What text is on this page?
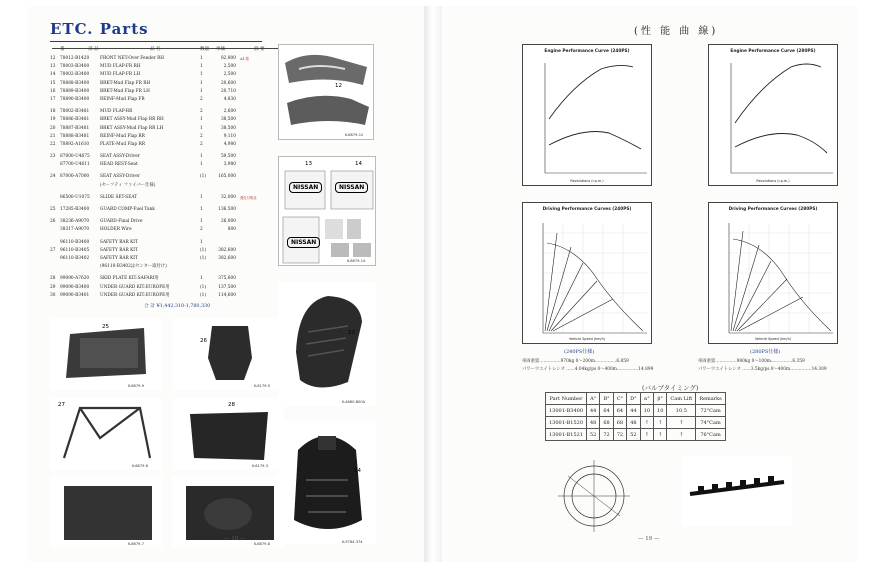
ETC. Parts
番	部 品	品 名	数量 単価	摘 要
12 78012-B1420	FRONT NET-Over Fender RH	1	82,800 A4 製
13 78003-B3400	MUD FLAP-FR RH	1	2,500
14 78002-B3400	MUD FLAP-FR LH	1	2,500
15 78888-B3400	BRKT-Mud Flap FR RH	1	20,600
16 78889-B3400	BRKT-Mud Flap FR LH	1	20,710
17 78890-B3400	REINF-Mud Flap FR	2	4,830
18 78002-B3481	MUD FLAP-RR	2	2,600
19 78886-B3481	BRKT ASSY-Mud Flap RR RH	1	38,500
20 78887-B3481	BRKT ASSY-Mud Flap RR LH	1	38,500
21 78888-B3481	REINF-Mud Flap RR	2	9,110
22 78892-A1610	PLATE-Mud Flap RR	2	4,980
23 87000-U4675 SEAT ASSY-Driver	1	59,500
87700-U4611 HEAD REST-Seat	1	3,980
24 87000-A7000	SEAT ASSY-Driver	(1)	165,000
(セーフティ ファイバー仕様)
86500-U1075 SLIDE SET-SEAT	1	32,000 強化対策品
25 17285-B3400	GUARD COMP-Fuel Tank	1	136,500
26 38236-A9070	GUARD-Final Drive	1	26,000
38317-A9070	HOLDER Wire	2	800
96110-B3400	SAFETY BAR KIT	1
27 96110-B3405	SAFETY BAR KIT	(1)	382,600
96110-B3402	SAFETY BAR KIT	(1)	382,600
(96110-B3402はセンター取付け)
28 99090-A7620	SKID PLATE KIT:SAFARI用	1	375,600
29 99090-B3400	UNDER GUARD KIT:EUROPE用	(1)	137,500
30 99090-B3401	UNDER GUARD KIT:EUROPE用	(1)	114,600
合 計 ¥1,442,310-1,780,330
12
K-6879-12
13	14
NISSAN	NISSAN
NISSAN
K-6879-14
23
K-4660-B00A
24
K-9784-374
25
K-6879-9
26
K-6179-5
27
K-6879-6
28
K-6179-3
29
K-6879-7
30
K-6879-8
— 18 —
(性 能 曲 線)
Engine Performance Curve (240PS)
Revolutions (r.p.m.)
Engine Performance Curve (280PS)
Revolutions (r.p.m.)
Driving Performance Curves (240PS)
Vehicle Speed (km/h)
Driving Performance Curves (280PS)
Vehicle Speed (km/h)
(240PS仕様)	(280PS仕様)
車両重量……………970kg 0〜200m……………6.859
パワーウエイトレシオ ……4.04kg/ps 0〜400m……………14.899
車両重量……………980kg 0〜100m……………6.359
パワーウエイトレシオ ……3.5kg/ps 0〜400m……………14.309
(バルブタイミング)
Part Number	A°	B°	C°	D°	α°	β°	Cam Lift	Remarks
13001-B3400	44	64	64	44	10	10	10.5	72°Cam
13001-B1520	48	68	68	48	↑	↑	↑	74°Cam
13001-B1521	52	72	72	52	↑	↑	↑	76°Cam
— 19 —
